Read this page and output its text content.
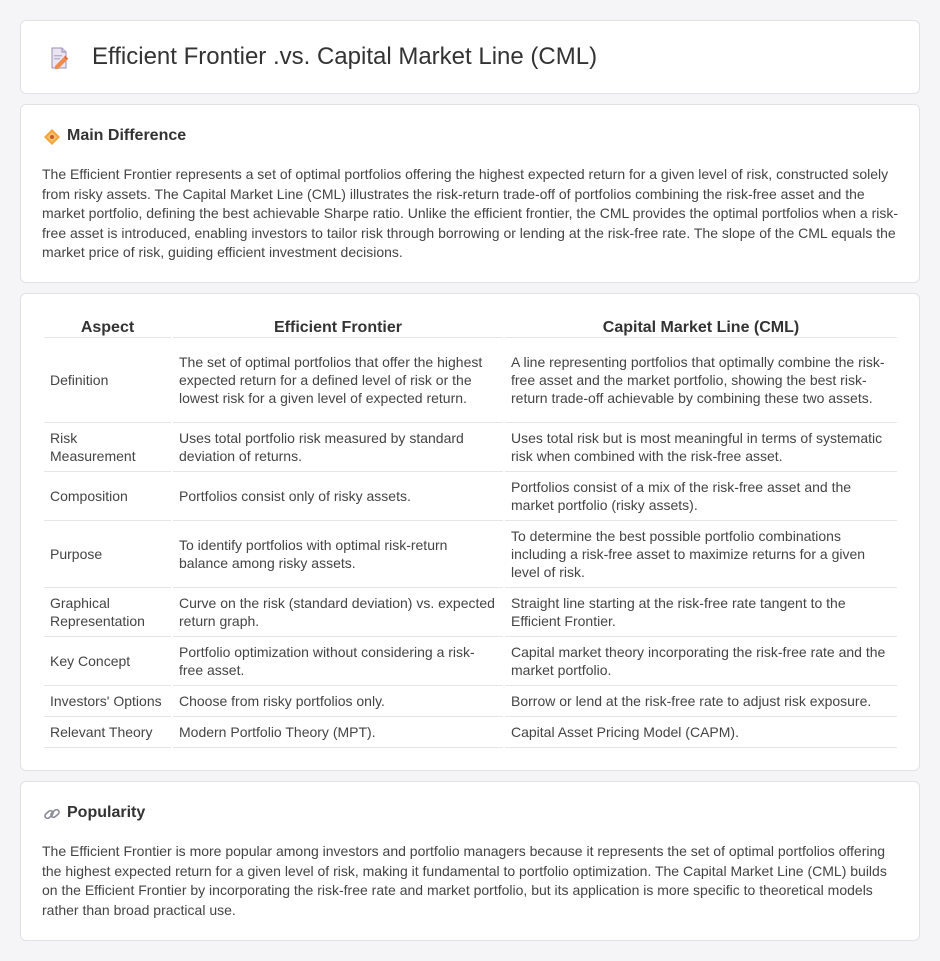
Efficient Frontier .vs. Capital Market Line (CML)
Main Difference

The Efficient Frontier represents a set of optimal portfolios offering the highest expected return for a given level of risk, constructed solely from risky assets. The Capital Market Line (CML) illustrates the risk-return trade-off of portfolios combining the risk-free asset and the market portfolio, defining the best achievable Sharpe ratio. Unlike the efficient frontier, the CML provides the optimal portfolios when a risk-free asset is introduced, enabling investors to tailor risk through borrowing or lending at the risk-free rate. The slope of the CML equals the market price of risk, guiding efficient investment decisions.

Aspect	Efficient Frontier	Capital Market Line (CML)
Definition	The set of optimal portfolios that offer the highest expected return for a defined level of risk or the lowest risk for a given level of expected return.	A line representing portfolios that optimally combine the risk-free asset and the market portfolio, showing the best risk-return trade-off achievable by combining these two assets.
Risk Measurement	Uses total portfolio risk measured by standard deviation of returns.	Uses total risk but is most meaningful in terms of systematic risk when combined with the risk-free asset.
Composition	Portfolios consist only of risky assets.	Portfolios consist of a mix of the risk-free asset and the market portfolio (risky assets).
Purpose	To identify portfolios with optimal risk-return balance among risky assets.	To determine the best possible portfolio combinations including a risk-free asset to maximize returns for a given level of risk.
Graphical Representation	Curve on the risk (standard deviation) vs. expected return graph.	Straight line starting at the risk-free rate tangent to the Efficient Frontier.
Key Concept	Portfolio optimization without considering a risk-free asset.	Capital market theory incorporating the risk-free rate and the market portfolio.
Investors' Options	Choose from risky portfolios only.	Borrow or lend at the risk-free rate to adjust risk exposure.
Relevant Theory	Modern Portfolio Theory (MPT).	Capital Asset Pricing Model (CAPM).
Popularity

The Efficient Frontier is more popular among investors and portfolio managers because it represents the set of optimal portfolios offering the highest expected return for a given level of risk, making it fundamental to portfolio optimization. The Capital Market Line (CML) builds on the Efficient Frontier by incorporating the risk-free rate and market portfolio, but its application is more specific to theoretical models rather than broad practical use.
